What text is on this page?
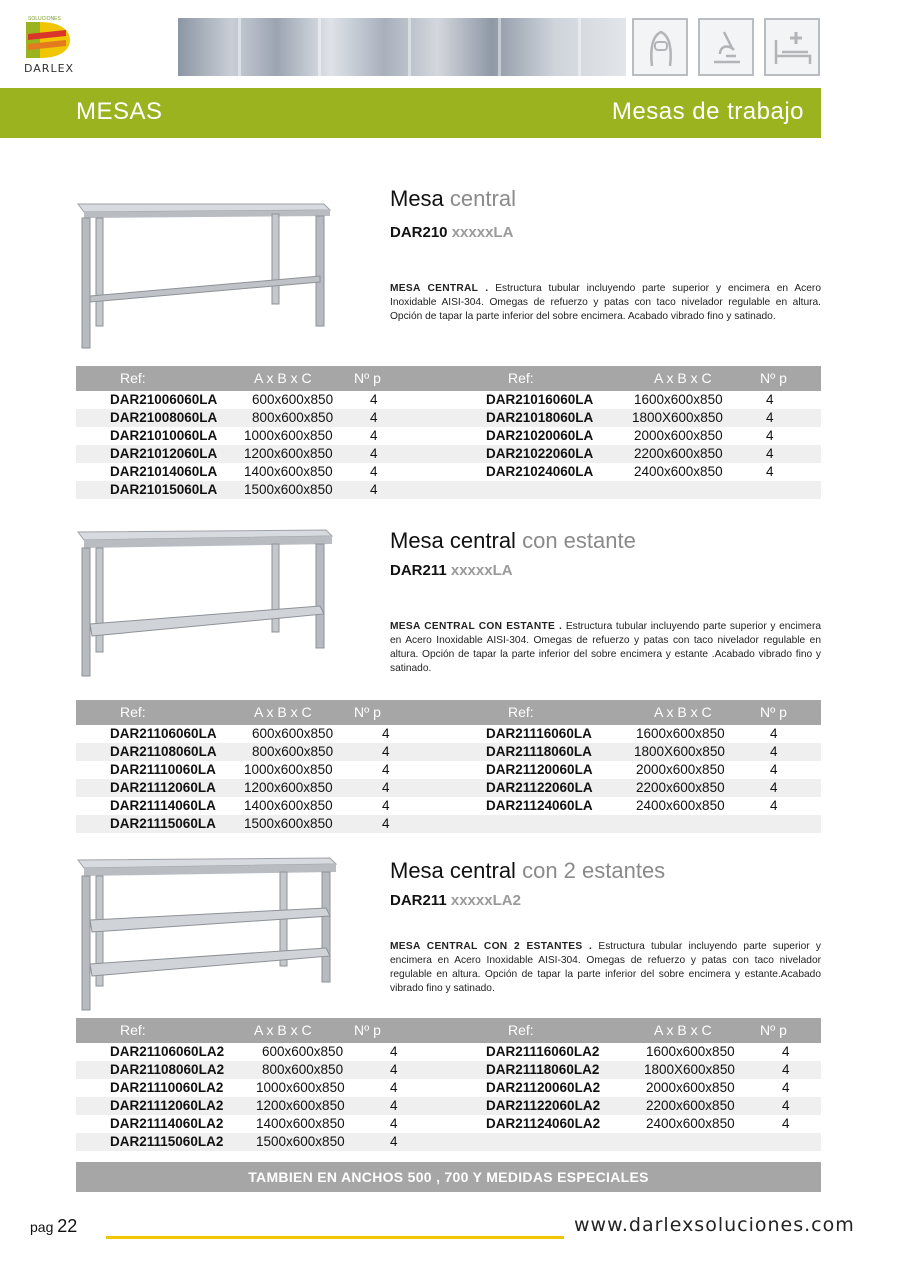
SOLUCIONES
DARLEX
MESAS	Mesas de trabajo
Mesa central
DAR210 xxxxxLA
MESA CENTRAL . Estructura tubular incluyendo parte superior y encimera en Acero Inoxidable AISI-304. Omegas de refuerzo y patas con taco nivelador regulable en altura. Opción de tapar la parte inferior del sobre encimera. Acabado vibrado fino y satinado.
Ref:	A x B x C	Nº p	Ref:	A x B x C	Nº p
DAR21006060LA	600x600x850	4	DAR21016060LA	1600x600x850	4
DAR21008060LA	800x600x850	4	DAR21018060LA	1800X600x850	4
DAR21010060LA 1000x600x850	4	DAR21020060LA	2000x600x850	4
DAR21012060LA 1200x600x850	4	DAR21022060LA	2200x600x850	4
DAR21014060LA 1400x600x850	4	DAR21024060LA	2400x600x850	4
DAR21015060LA 1500x600x850	4
Mesa central con estante
DAR211 xxxxxLA
MESA CENTRAL CON ESTANTE . Estructura tubular incluyendo parte superior y encimera en Acero Inoxidable AISI-304. Omegas de refuerzo y patas con taco nivelador regulable en altura. Opción de tapar la parte inferior del sobre encimera y estante .Acabado vibrado fino y satinado.
Ref:	A x B x C	Nº p	Ref:	A x B x C	Nº p
DAR21106060LA	600x600x850	4	DAR21116060LA	1600x600x850	4
DAR21108060LA	800x600x850	4	DAR21118060LA	1800X600x850	4
DAR21110060LA 1000x600x850	4	DAR21120060LA	2000x600x850	4
DAR21112060LA 1200x600x850	4	DAR21122060LA	2200x600x850	4
DAR21114060LA 1400x600x850	4	DAR21124060LA	2400x600x850	4
DAR21115060LA 1500x600x850	4
Mesa central con 2 estantes
DAR211 xxxxxLA2
MESA CENTRAL CON 2 ESTANTES . Estructura tubular incluyendo parte superior y encimera en Acero Inoxidable AISI-304. Omegas de refuerzo y patas con taco nivelador regulable en altura. Opción de tapar la parte inferior del sobre encimera y estante.Acabado vibrado fino y satinado.
Ref:	A x B x C	Nº p	Ref:	A x B x C	Nº p
DAR21106060LA2	600x600x850	4	DAR21116060LA2	1600x600x850	4
DAR21108060LA2	800x600x850	4	DAR21118060LA2	1800X600x850	4
DAR21110060LA2 1000x600x850	4	DAR21120060LA2	2000x600x850	4
DAR21112060LA2 1200x600x850	4	DAR21122060LA2	2200x600x850	4
DAR21114060LA2 1400x600x850	4	DAR21124060LA2	2400x600x850	4
DAR21115060LA2 1500x600x850	4
TAMBIEN EN ANCHOS 500 , 700 Y MEDIDAS ESPECIALES
pag 22	www.darlexsoluciones.com
